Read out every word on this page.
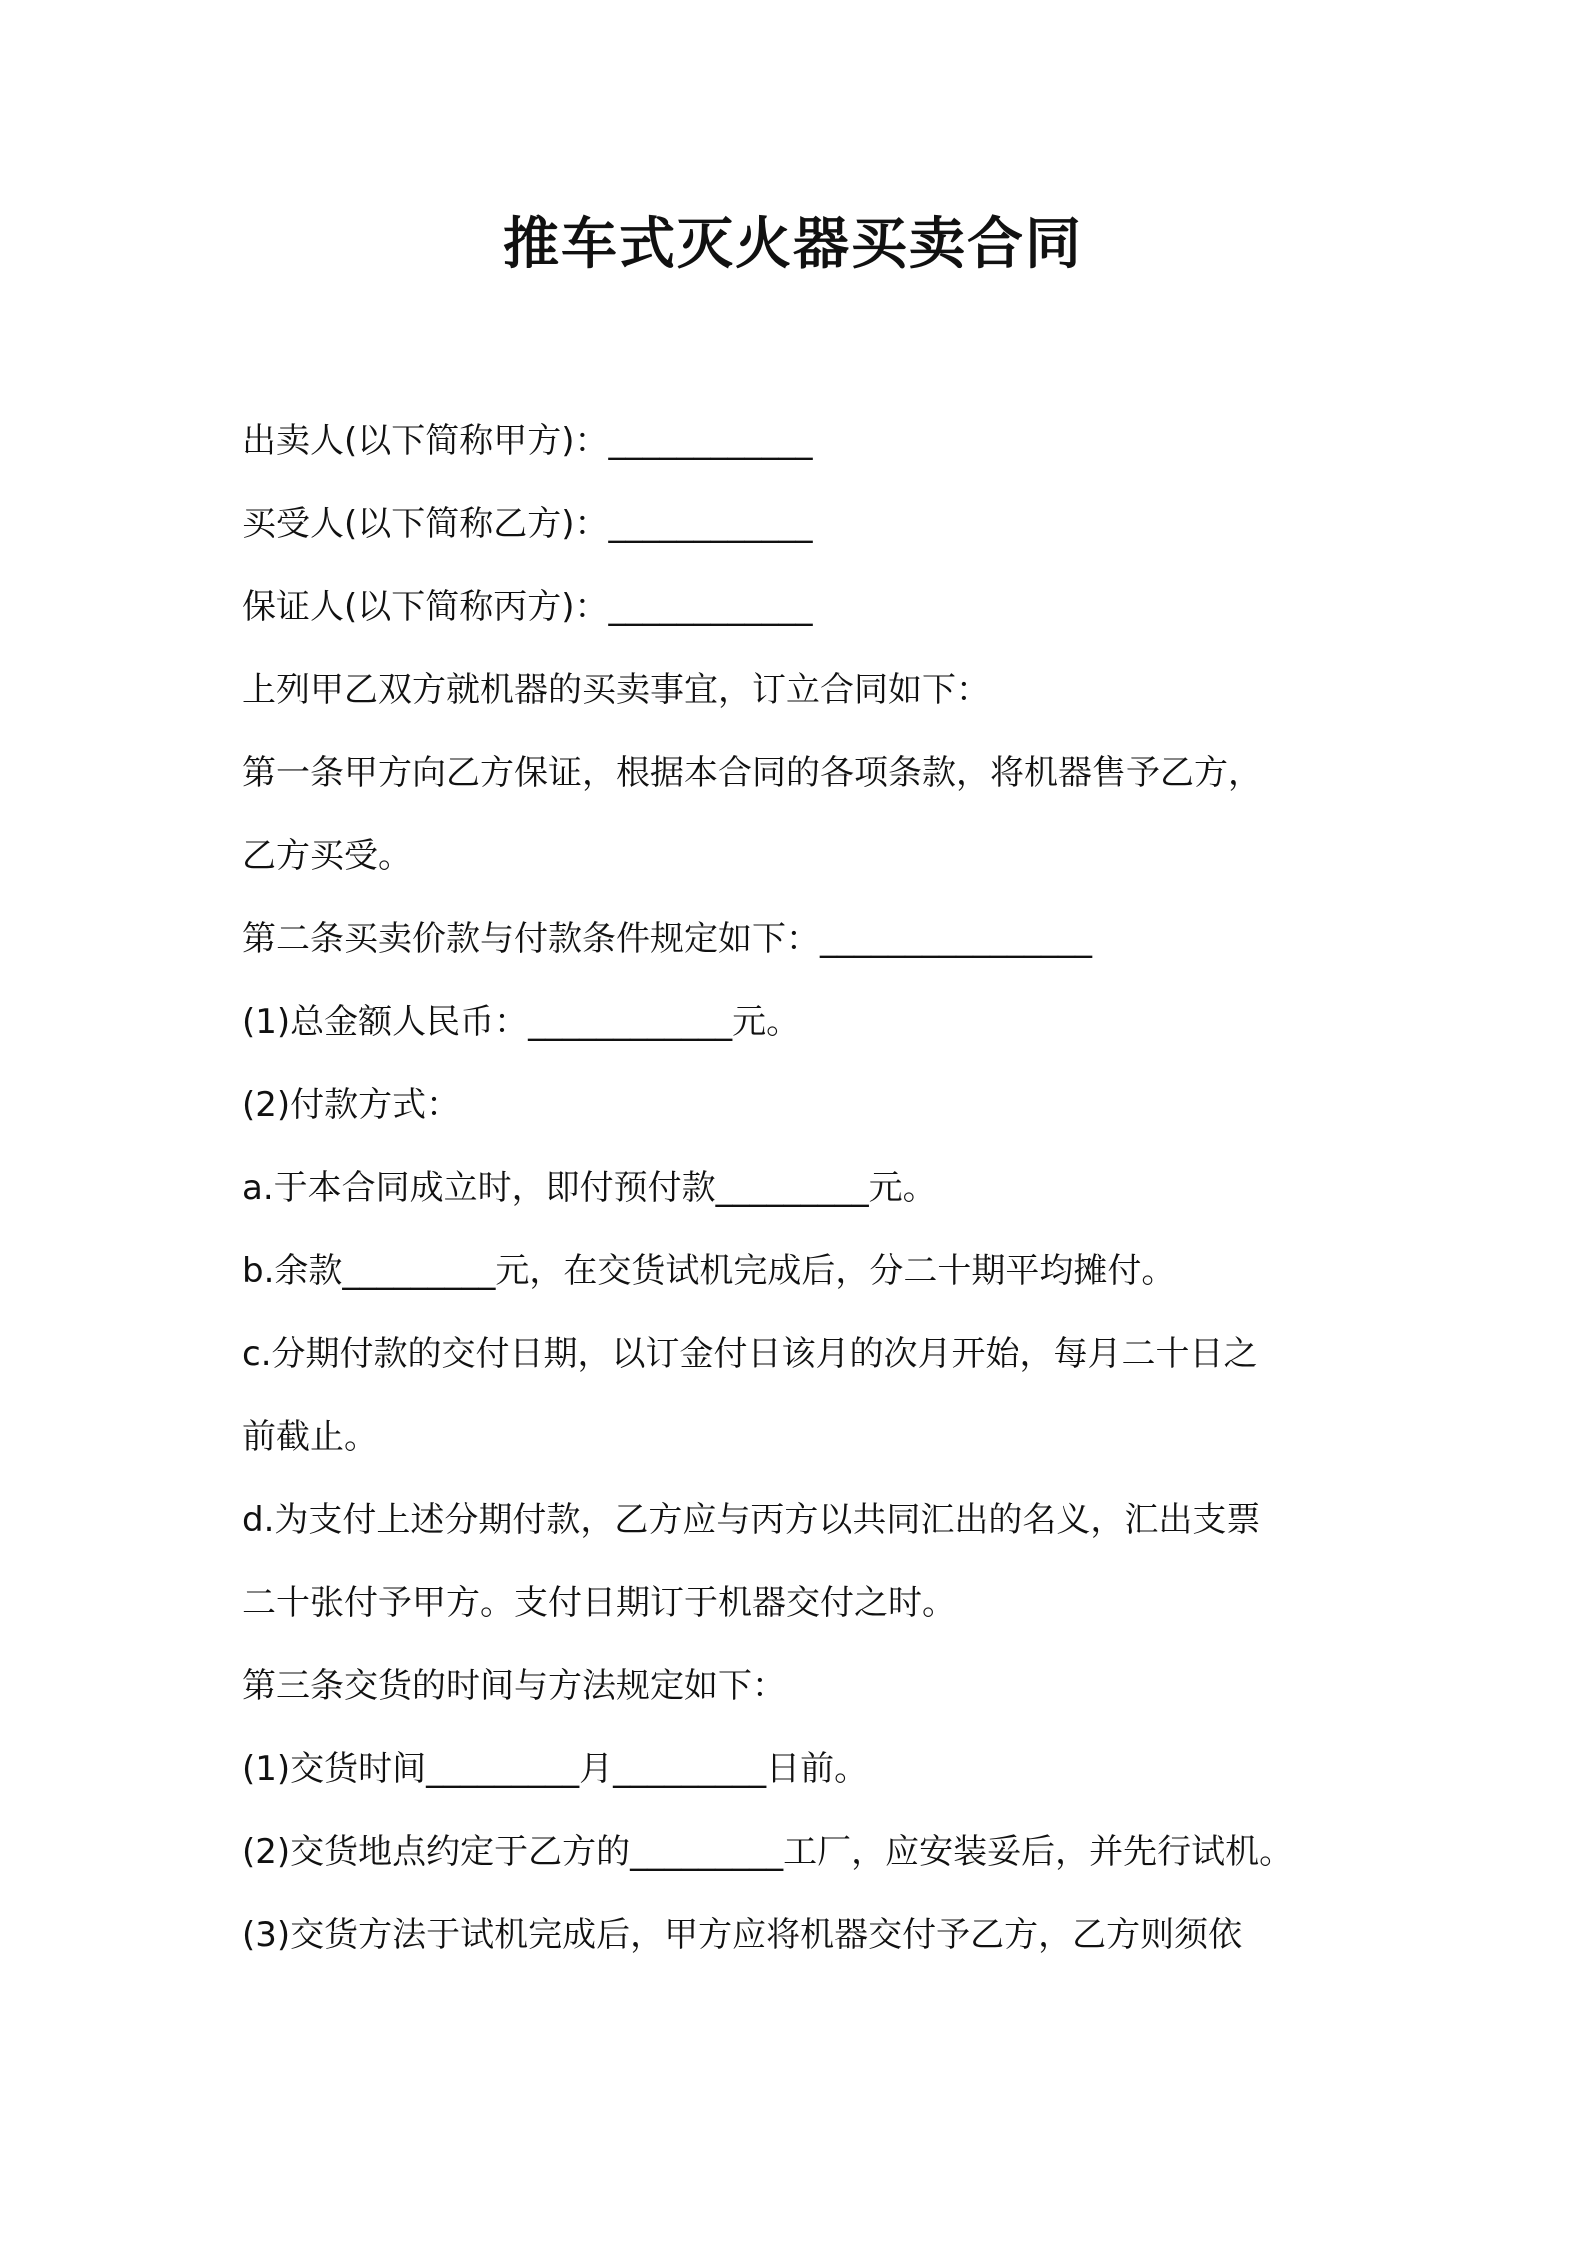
推车式灭火器买卖合同

出卖人(以下简称甲方)：____________

买受人(以下简称乙方)：____________

保证人(以下简称丙方)：____________

上列甲乙双方就机器的买卖事宜，订立合同如下：

第一条甲方向乙方保证，根据本合同的各项条款，将机器售予乙方，

乙方买受。

第二条买卖价款与付款条件规定如下：________________

(1)总金额人民币：____________元。

(2)付款方式：

a.于本合同成立时，即付预付款_________元。

b.余款_________元，在交货试机完成后，分二十期平均摊付。

c.分期付款的交付日期，以订金付日该月的次月开始，每月二十日之

前截止。

d.为支付上述分期付款，乙方应与丙方以共同汇出的名义，汇出支票

二十张付予甲方。支付日期订于机器交付之时。

第三条交货的时间与方法规定如下：

(1)交货时间_________月_________日前。

(2)交货地点约定于乙方的_________工厂，应安装妥后，并先行试机。

(3)交货方法于试机完成后，甲方应将机器交付予乙方，乙方则须依
